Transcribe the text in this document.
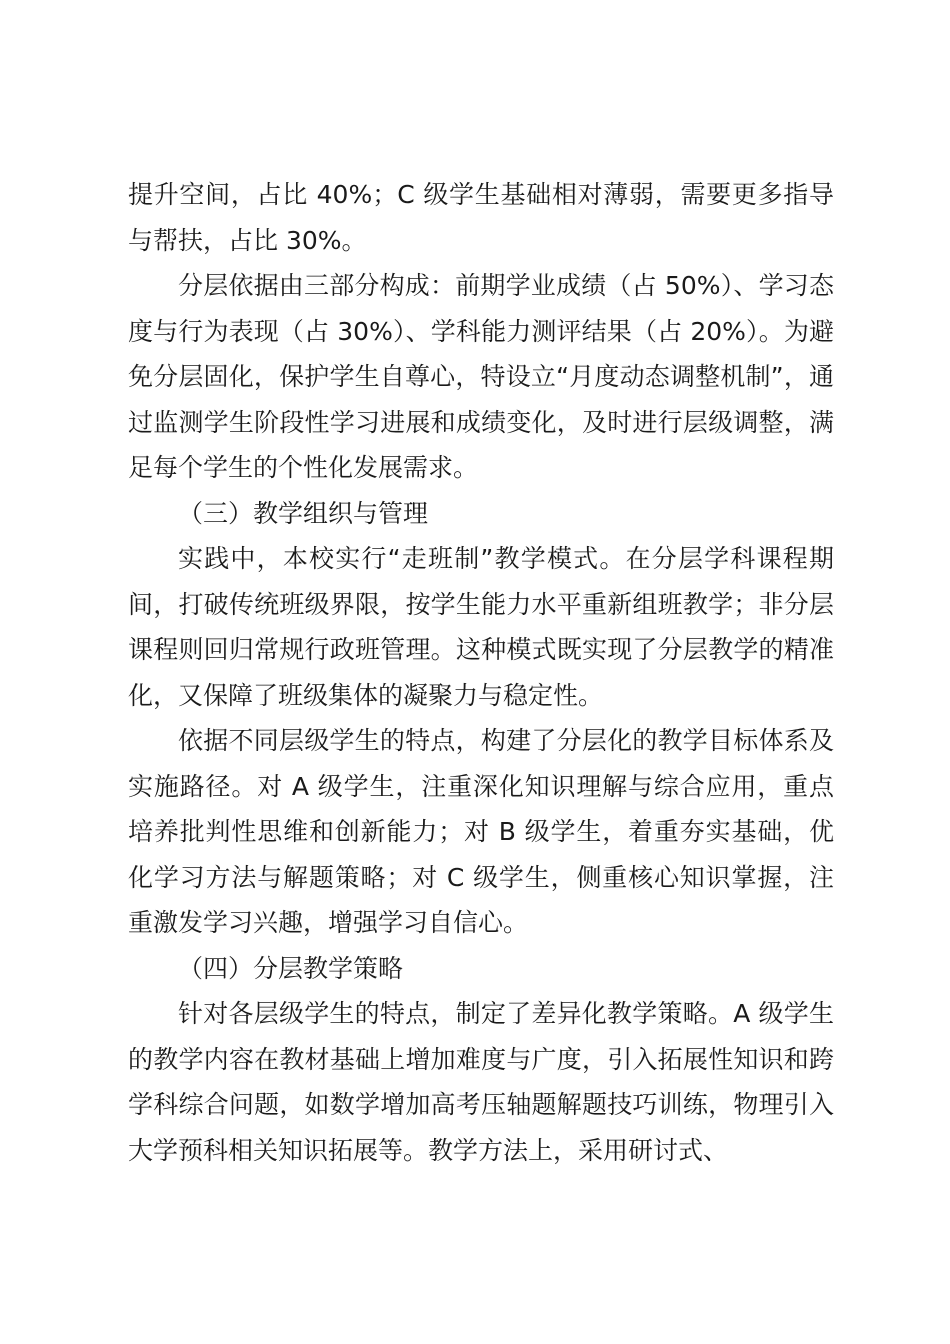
提升空间，占比 40%；C 级学生基础相对薄弱，需要更多指导与帮扶，占比 30%。

分层依据由三部分构成：前期学业成绩（占 50%）、学习态度与行为表现（占 30%）、学科能力测评结果（占 20%）。为避免分层固化，保护学生自尊心，特设立“月度动态调整机制”，通过监测学生阶段性学习进展和成绩变化，及时进行层级调整，满足每个学生的个性化发展需求。

（三）教学组织与管理

实践中，本校实行“走班制”教学模式。在分层学科课程期间，打破传统班级界限，按学生能力水平重新组班教学；非分层课程则回归常规行政班管理。这种模式既实现了分层教学的精准化，又保障了班级集体的凝聚力与稳定性。

依据不同层级学生的特点，构建了分层化的教学目标体系及实施路径。对 A 级学生，注重深化知识理解与综合应用，重点培养批判性思维和创新能力；对 B 级学生，着重夯实基础，优化学习方法与解题策略；对 C 级学生，侧重核心知识掌握，注重激发学习兴趣，增强学习自信心。

（四）分层教学策略

针对各层级学生的特点，制定了差异化教学策略。A 级学生的教学内容在教材基础上增加难度与广度，引入拓展性知识和跨学科综合问题，如数学增加高考压轴题解题技巧训练，物理引入大学预科相关知识拓展等。教学方法上，采用研讨式、
